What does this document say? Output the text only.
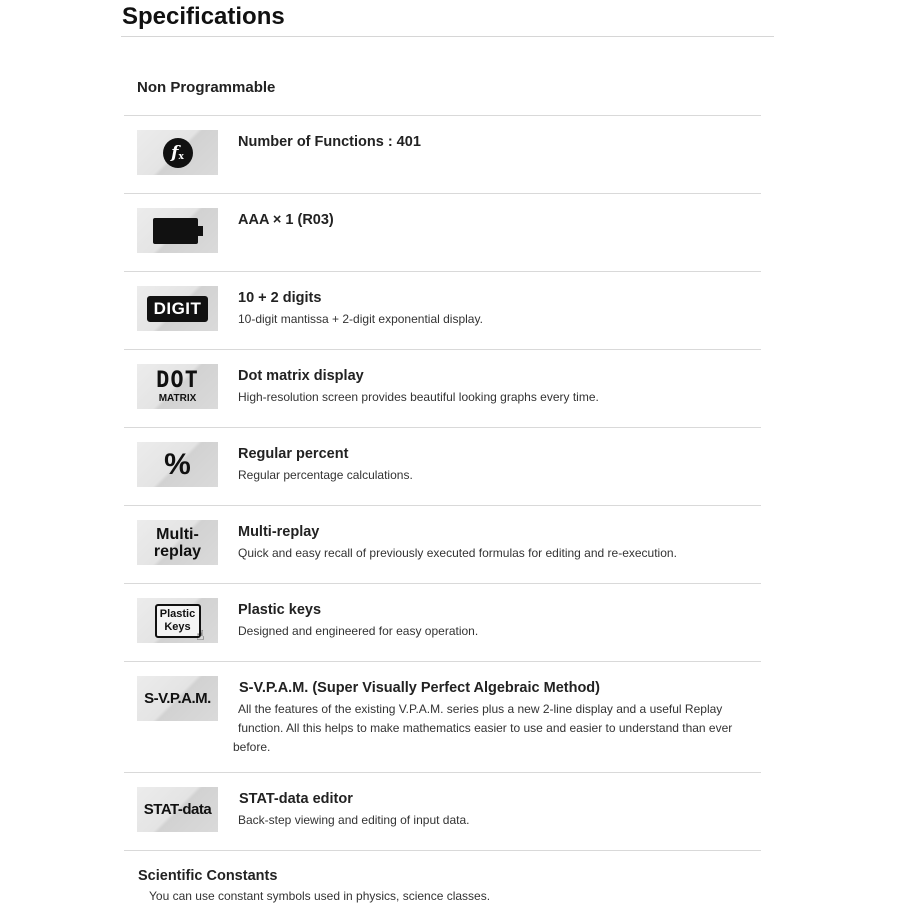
Specifications
Non Programmable
f x
Number of Functions : 401
AAA × 1 (R03)
DIGIT
10 + 2 digits
10-digit mantissa + 2-digit exponential display.
DOT
MATRIX
Dot matrix display
High-resolution screen provides beautiful looking graphs every time.
%	Regular percent
Regular percentage calculations.
Multi-
replay
Multi-replay
Quick and easy recall of previously executed formulas for editing and re-execution.
Plastic
Keys ☝
Plastic keys
Designed and engineered for easy operation.
S-V.P.A.M.
S-V.P.A.M. (Super Visually Perfect Algebraic Method)
All the features of the existing V.P.A.M. series plus a new 2-line display and a useful Replay
function. All this helps to make mathematics easier to use and easier to understand than ever
before.
STAT-data
STAT-data editor
Back-step viewing and editing of input data.
Scientific Constants
You can use constant symbols used in physics, science classes.
